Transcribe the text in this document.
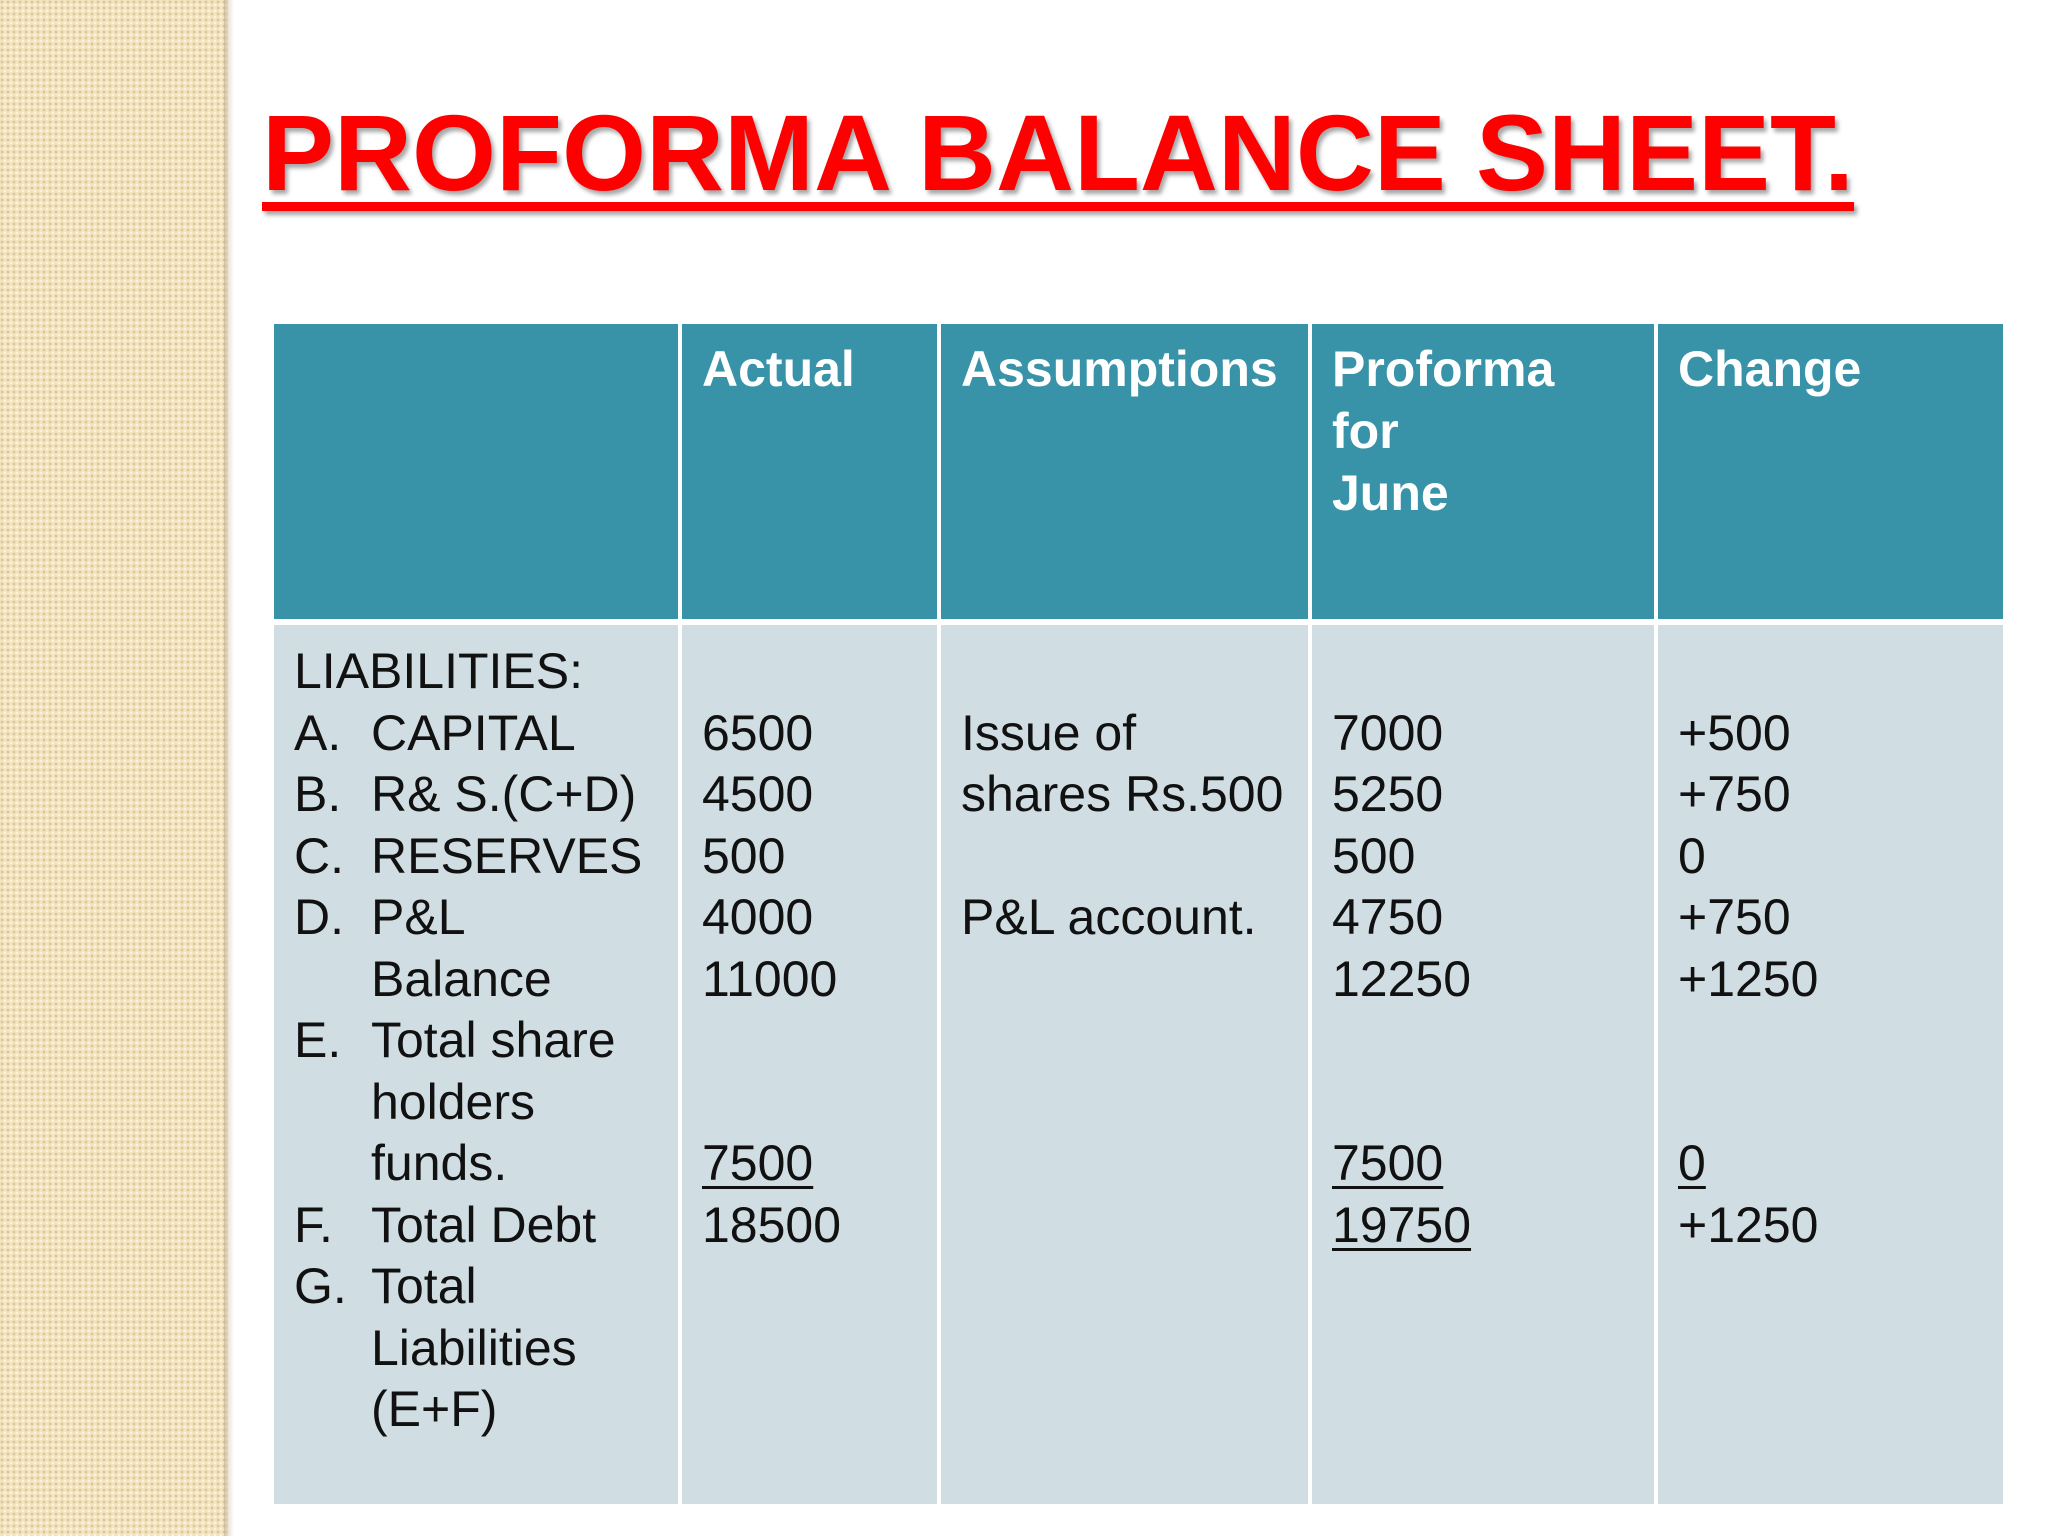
PROFORMA BALANCE SHEET.
Actual	Assumptions	Proforma
for
June
Change
LIABILITIES:
A. CAPITAL
B. R& S.(C+D)
C. RESERVES
D. P&L
Balance
E. Total share
holders
funds.
F. Total Debt
G. Total
Liabilities
(E+F)
6500
4500
500
4000
11000
7500
18500
Issue of
shares Rs.500
P&L account.
7000
5250
500
4750
12250
7500
19750
+500
+750
0
+750
+1250
0
+1250
